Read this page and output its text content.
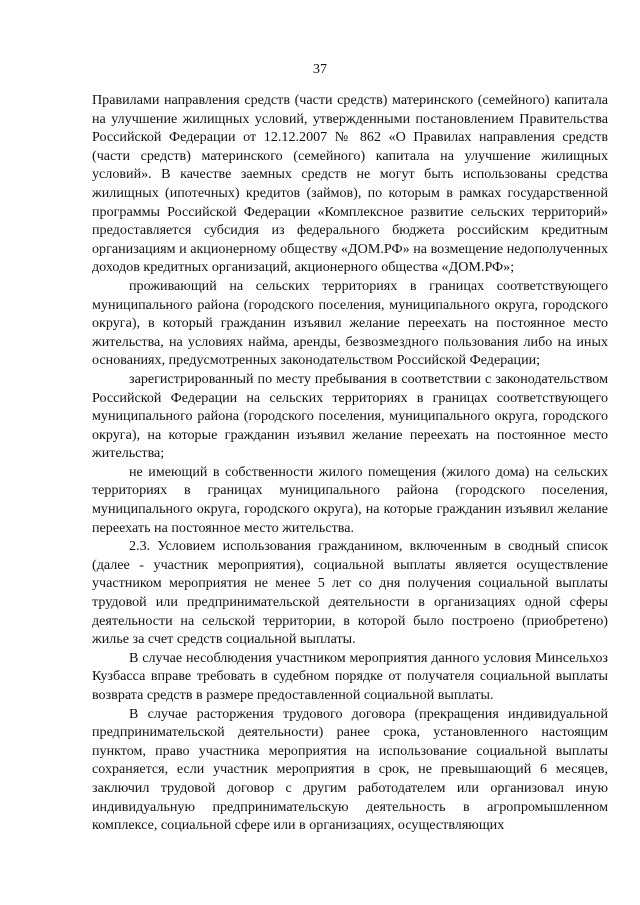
37

Правилами направления средств (части средств) материнского (семейного) капитала на улучшение жилищных условий, утвержденными постановлением Правительства Российской Федерации от 12.12.2007 № 862 «О Правилах направления средств (части средств) материнского (семейного) капитала на улучшение жилищных условий». В качестве заемных средств не могут быть использованы средства жилищных (ипотечных) кредитов (займов), по которым в рамках государственной программы Российской Федерации «Комплексное развитие сельских территорий» предоставляется субсидия из федерального бюджета российским кредитным организациям и акционерному обществу «ДОМ.РФ» на возмещение недополученных доходов кредитных организаций, акционерного общества «ДОМ.РФ»;

проживающий на сельских территориях в границах соответствующего муниципального района (городского поселения, муниципального округа, городского округа), в который гражданин изъявил желание переехать на постоянное место жительства, на условиях найма, аренды, безвозмездного пользования либо на иных основаниях, предусмотренных законодательством Российской Федерации;

зарегистрированный по месту пребывания в соответствии с законодательством Российской Федерации на сельских территориях в границах соответствующего муниципального района (городского поселения, муниципального округа, городского округа), на которые гражданин изъявил желание переехать на постоянное место жительства;

не имеющий в собственности жилого помещения (жилого дома) на сельских территориях в границах муниципального района (городского поселения, муниципального округа, городского округа), на которые гражданин изъявил желание переехать на постоянное место жительства.

2.3. Условием использования гражданином, включенным в сводный список (далее - участник мероприятия), социальной выплаты является осуществление участником мероприятия не менее 5 лет со дня получения социальной выплаты трудовой или предпринимательской деятельности в организациях одной сферы деятельности на сельской территории, в которой было построено (приобретено) жилье за счет средств социальной выплаты.

В случае несоблюдения участником мероприятия данного условия Минсельхоз Кузбасса вправе требовать в судебном порядке от получателя социальной выплаты возврата средств в размере предоставленной социальной выплаты.

В случае расторжения трудового договора (прекращения индивидуальной предпринимательской деятельности) ранее срока, установленного настоящим пунктом, право участника мероприятия на использование социальной выплаты сохраняется, если участник мероприятия в срок, не превышающий 6 месяцев, заключил трудовой договор с другим работодателем или организовал иную индивидуальную предпринимательскую деятельность в агропромышленном комплексе, социальной сфере или в организациях, осуществляющих
